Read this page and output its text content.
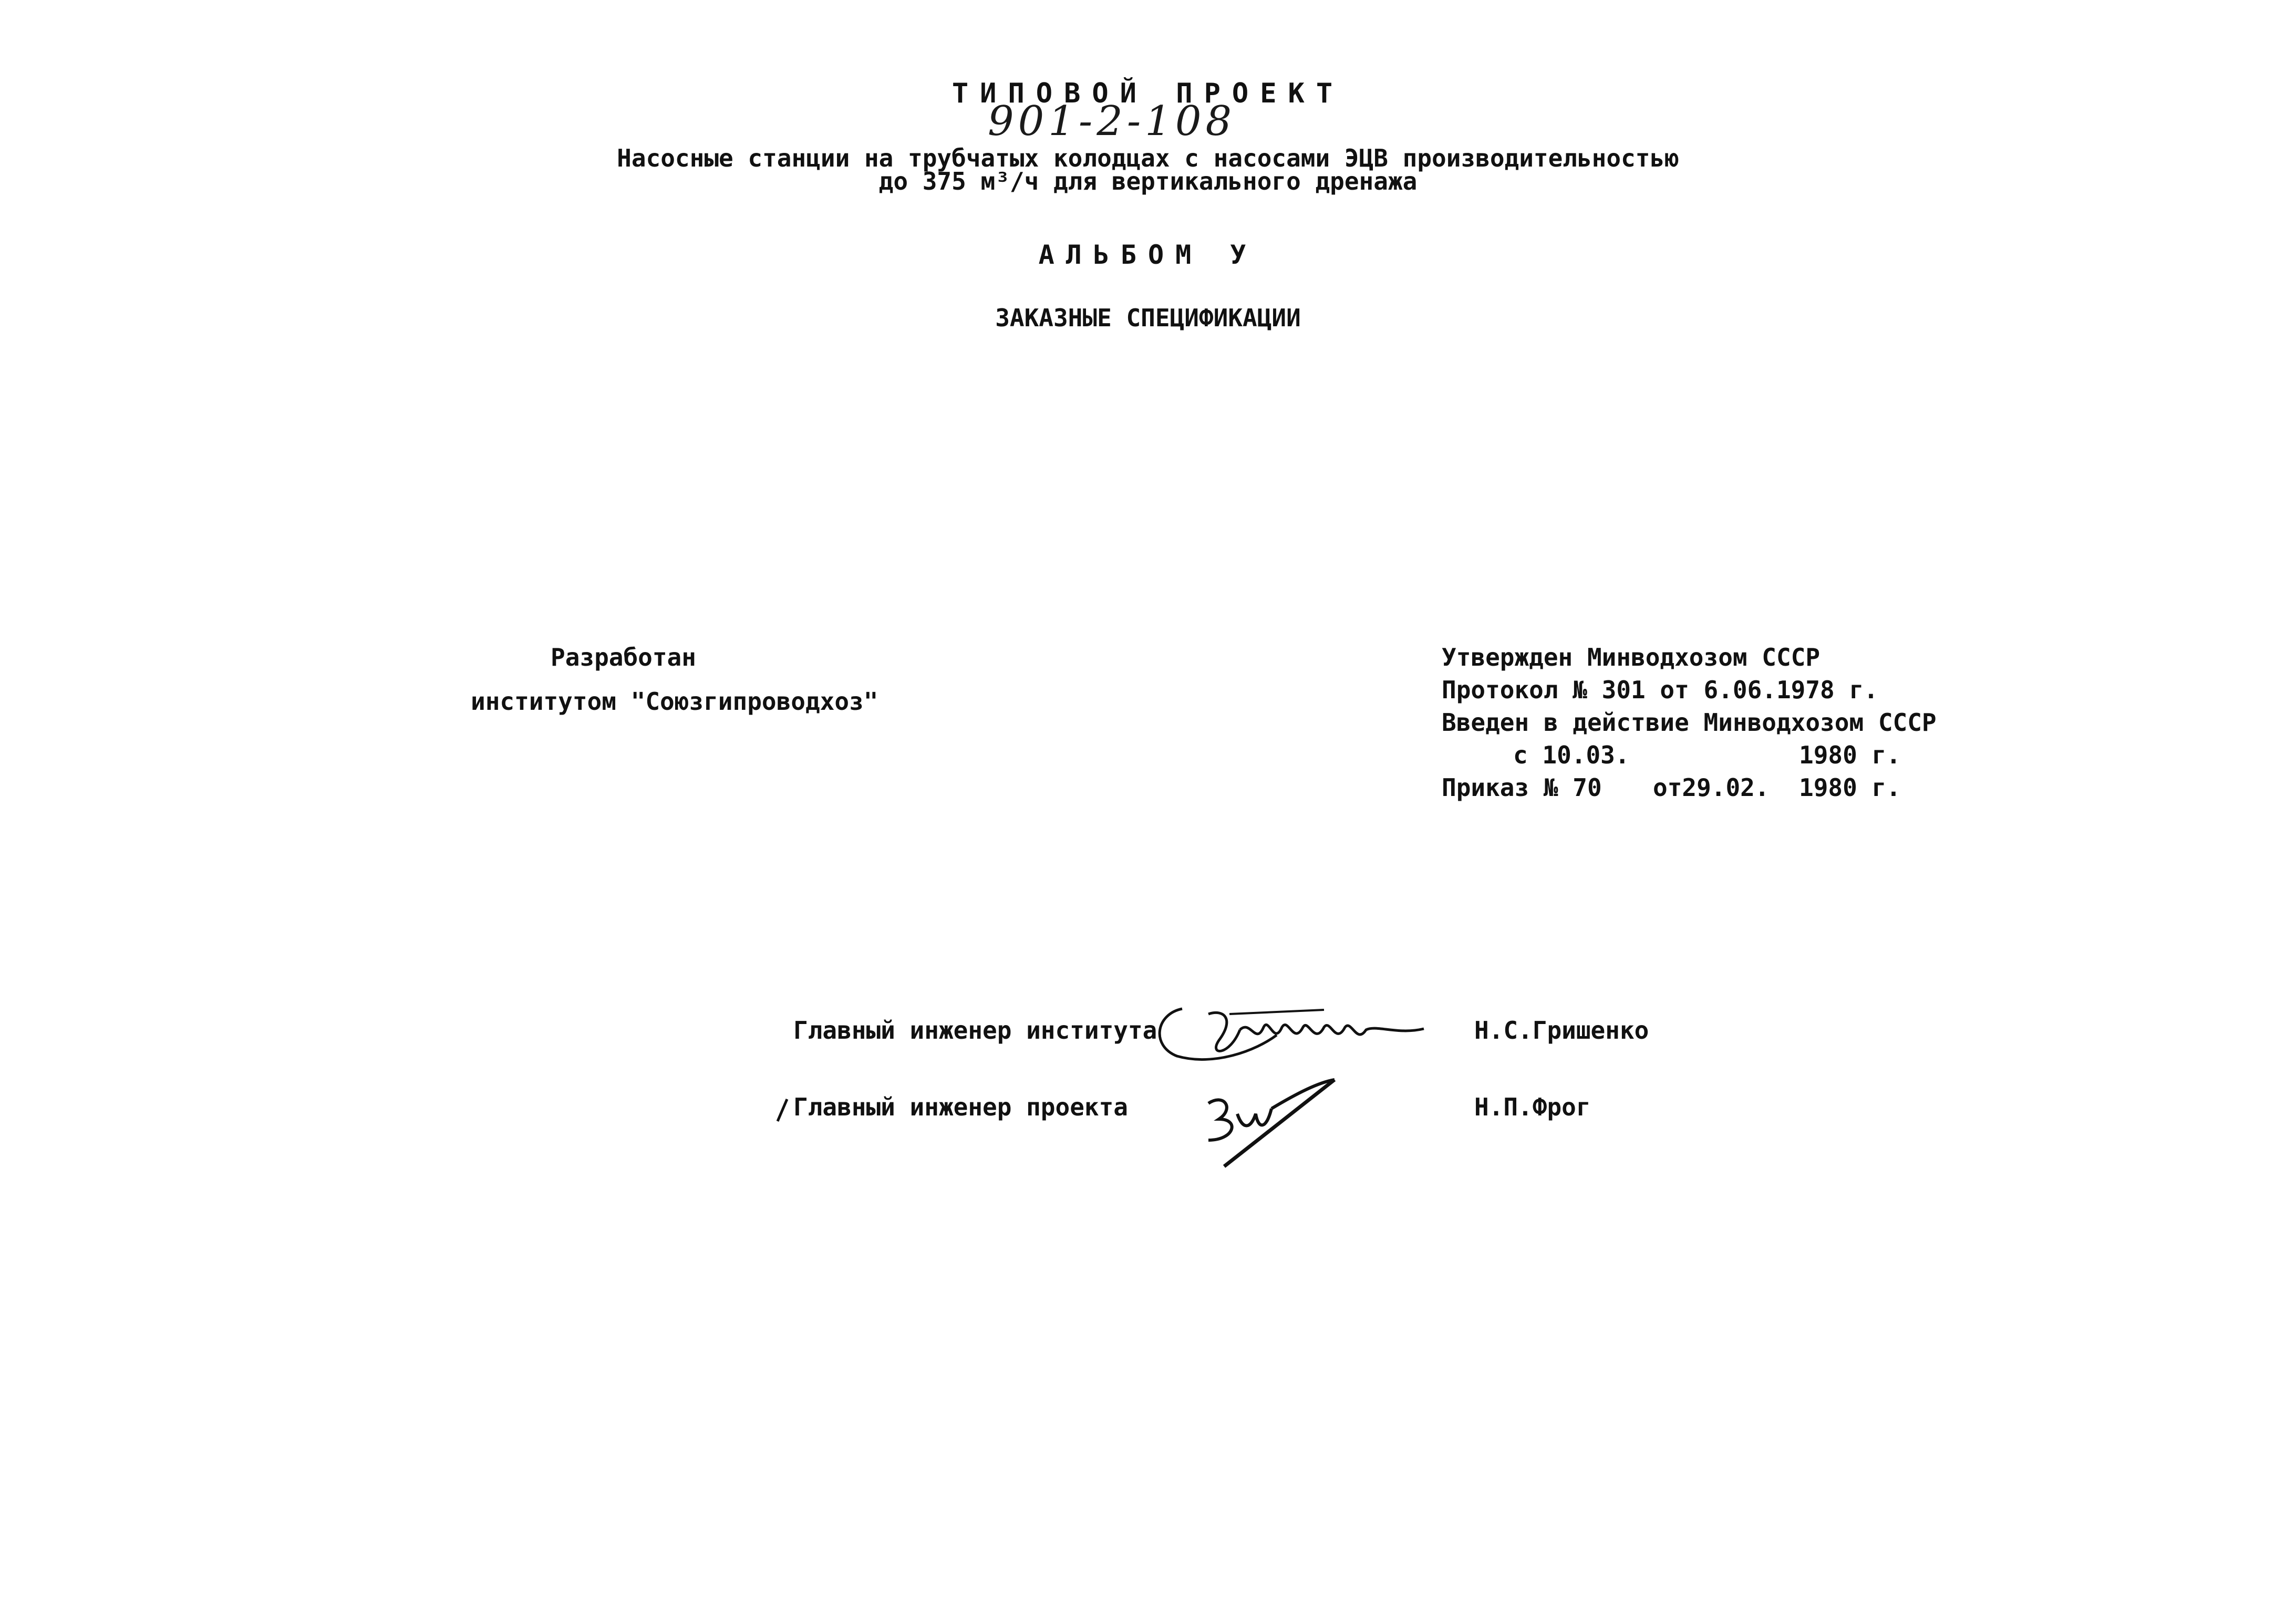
ТИПОВОЙ ПРОЕКТ
901-2-108
Насосные станции на трубчатых колодцах с насосами ЭЦВ производительностью
до 375 м³/ч для вертикального дренажа
АЛЬБОМ У
ЗАКАЗНЫЕ СПЕЦИФИКАЦИИ
Разработан
институтом "Союзгипроводхоз"
Утвержден Минводхозом СССР
Протокол № 301 от 6.06.1978 г.
Введен в действие Минводхозом СССР
с 10.03.	1980 г.
Приказ № 70 от29.02. 1980 г.
Главный инженер института	Н.С.Гришенко
Главный инженер проекта	Н.П.Фрог
